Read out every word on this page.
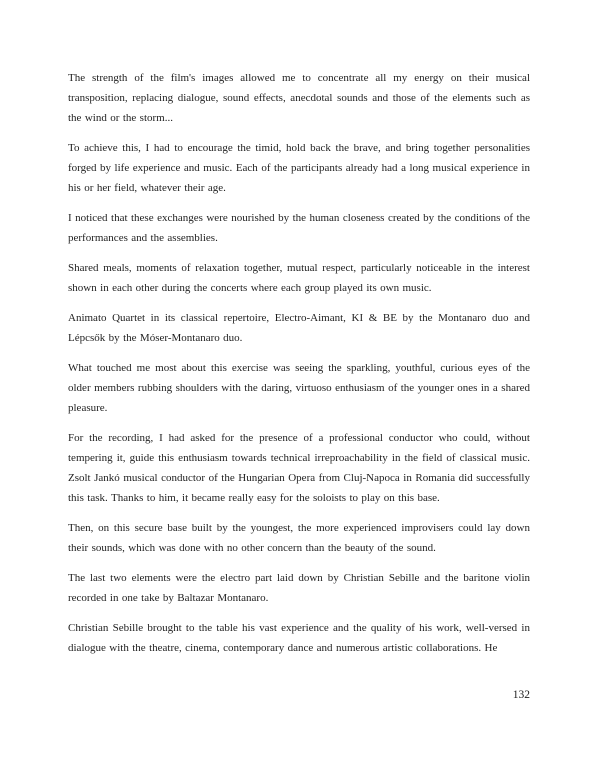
The strength of the film's images allowed me to concentrate all my energy on their musical transposition, replacing dialogue, sound effects, anecdotal sounds and those of the elements such as the wind or the storm...

To achieve this, I had to encourage the timid, hold back the brave, and bring together personalities forged by life experience and music. Each of the participants already had a long musical experience in his or her field, whatever their age.

I noticed that these exchanges were nourished by the human closeness created by the conditions of the performances and the assemblies.

Shared meals, moments of relaxation together, mutual respect, particularly noticeable in the interest shown in each other during the concerts where each group played its own music.

Animato Quartet in its classical repertoire, Electro-Aimant, KI & BE by the Montanaro duo and Lépcsők by the Móser-Montanaro duo.

What touched me most about this exercise was seeing the sparkling, youthful, curious eyes of the older members rubbing shoulders with the daring, virtuoso enthusiasm of the younger ones in a shared pleasure.

For the recording, I had asked for the presence of a professional conductor who could, without tempering it, guide this enthusiasm towards technical irreproachability in the field of classical music. Zsolt Jankó musical conductor of the Hungarian Opera from Cluj-Napoca in Romania did successfully this task. Thanks to him, it became really easy for the soloists to play on this base.

Then, on this secure base built by the youngest, the more experienced improvisers could lay down their sounds, which was done with no other concern than the beauty of the sound.

The last two elements were the electro part laid down by Christian Sebille and the baritone violin recorded in one take by Baltazar Montanaro.

Christian Sebille brought to the table his vast experience and the quality of his work, well-versed in dialogue with the theatre, cinema, contemporary dance and numerous artistic collaborations. He

132
